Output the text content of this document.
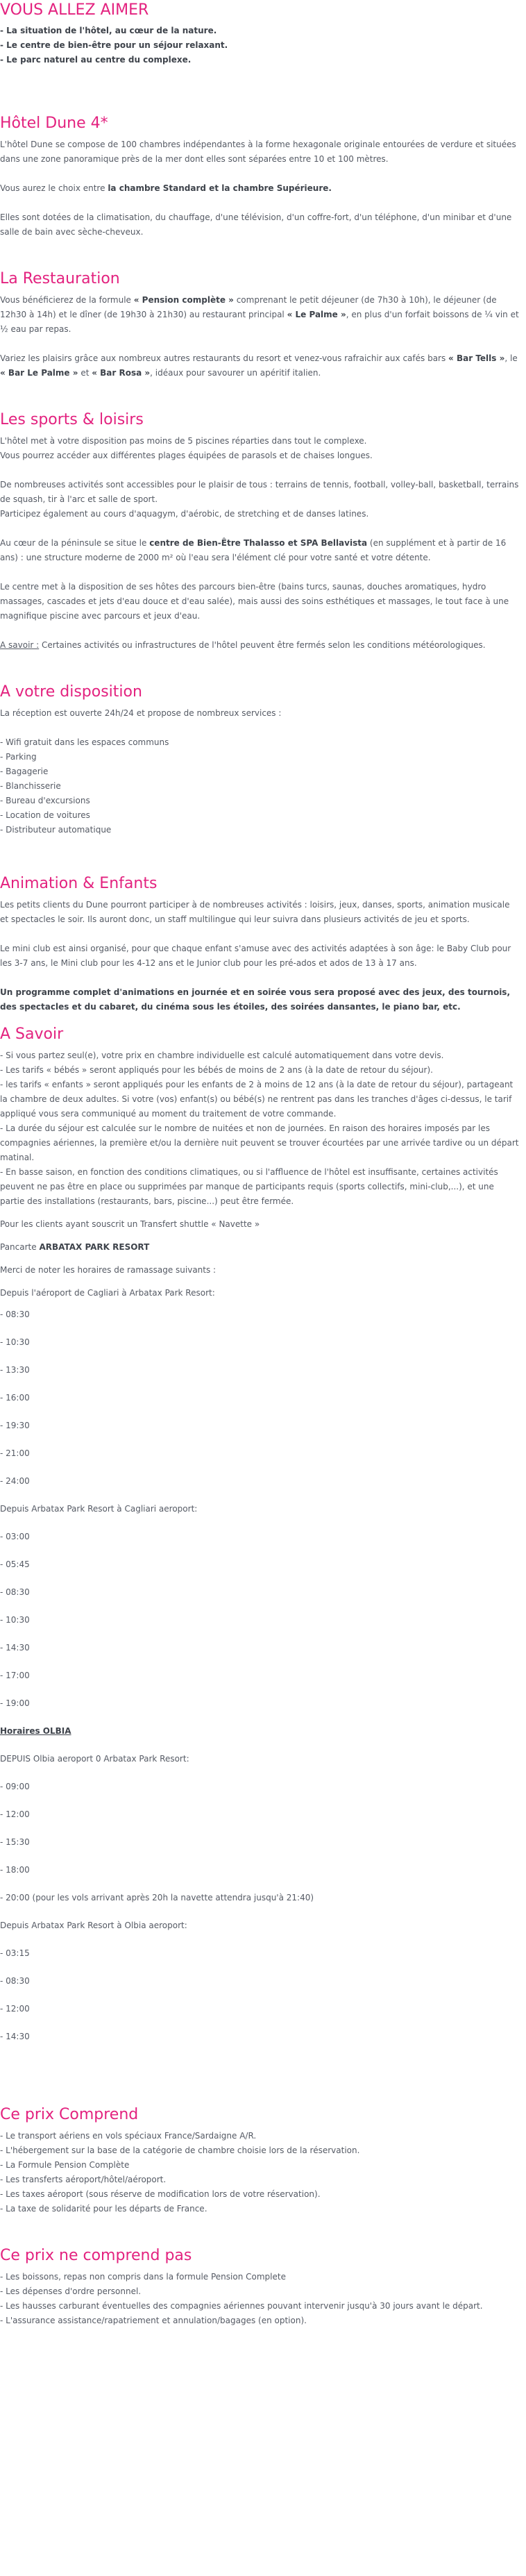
VOUS ALLEZ AIMER

- La situation de l'hôtel, au cœur de la nature.

- Le centre de bien-être pour un séjour relaxant.

- Le parc naturel au centre du complexe.

Hôtel Dune 4*

L'hôtel Dune se compose de 100 chambres indépendantes à la forme hexagonale originale entourées de verdure et situées dans une zone panoramique près de la mer dont elles sont séparées entre 10 et 100 mètres.

Vous aurez le choix entre la chambre Standard et la chambre Supérieure.

Elles sont dotées de la climatisation, du chauffage, d'une télévision, d'un coffre-fort, d'un téléphone, d'un minibar et d'une salle de bain avec sèche-cheveux.

La Restauration

Vous bénéficierez de la formule « Pension complète » comprenant le petit déjeuner (de 7h30 à 10h), le déjeuner (de 12h30 à 14h) et le dîner (de 19h30 à 21h30) au restaurant principal « Le Palme », en plus d'un forfait boissons de ¼ vin et ½ eau par repas.

Variez les plaisirs grâce aux nombreux autres restaurants du resort et venez-vous rafraichir aux cafés bars « Bar Tells », le « Bar Le Palme » et « Bar Rosa », idéaux pour savourer un apéritif italien.

Les sports & loisirs

L'hôtel met à votre disposition pas moins de 5 piscines réparties dans tout le complexe.

Vous pourrez accéder aux différentes plages équipées de parasols et de chaises longues.

De nombreuses activités sont accessibles pour le plaisir de tous : terrains de tennis, football, volley-ball, basketball, terrains de squash, tir à l'arc et salle de sport.

Participez également au cours d'aquagym, d'aérobic, de stretching et de danses latines.

Au cœur de la péninsule se situe le centre de Bien-Être Thalasso et SPA Bellavista (en supplément et à partir de 16 ans) : une structure moderne de 2000 m² où l'eau sera l'élément clé pour votre santé et votre détente.

Le centre met à la disposition de ses hôtes des parcours bien-être (bains turcs, saunas, douches aromatiques, hydro massages, cascades et jets d'eau douce et d'eau salée), mais aussi des soins esthétiques et massages, le tout face à une magnifique piscine avec parcours et jeux d'eau.

A savoir : Certaines activités ou infrastructures de l'hôtel peuvent être fermés selon les conditions météorologiques.

A votre disposition

La réception est ouverte 24h/24 et propose de nombreux services :

- Wifi gratuit dans les espaces communs

- Parking

- Bagagerie

- Blanchisserie

- Bureau d'excursions

- Location de voitures

- Distributeur automatique

Animation & Enfants

Les petits clients du Dune pourront participer à de nombreuses activités : loisirs, jeux, danses, sports, animation musicale et spectacles le soir. Ils auront donc, un staff multilingue qui leur suivra dans plusieurs activités de jeu et sports.

Le mini club est ainsi organisé, pour que chaque enfant s'amuse avec des activités adaptées à son âge: le Baby Club pour les 3-7 ans, le Mini club pour les 4-12 ans et le Junior club pour les pré-ados et ados de 13 à 17 ans.

Un programme complet d'animations en journée et en soirée vous sera proposé avec des jeux, des tournois, des spectacles et du cabaret, du cinéma sous les étoiles, des soirées dansantes, le piano bar, etc.

A Savoir

- Si vous partez seul(e), votre prix en chambre individuelle est calculé automatiquement dans votre devis.

- Les tarifs « bébés » seront appliqués pour les bébés de moins de 2 ans (à la date de retour du séjour).

- les tarifs « enfants » seront appliqués pour les enfants de 2 à moins de 12 ans (à la date de retour du séjour), partageant la chambre de deux adultes. Si votre (vos) enfant(s) ou bébé(s) ne rentrent pas dans les tranches d'âges ci-dessus, le tarif appliqué vous sera communiqué au moment du traitement de votre commande.

- La durée du séjour est calculée sur le nombre de nuitées et non de journées. En raison des horaires imposés par les compagnies aériennes, la première et/ou la dernière nuit peuvent se trouver écourtées par une arrivée tardive ou un départ matinal.

- En basse saison, en fonction des conditions climatiques, ou si l'affluence de l'hôtel est insuffisante, certaines activités peuvent ne pas être en place ou supprimées par manque de participants requis (sports collectifs, mini-club,...), et une partie des installations (restaurants, bars, piscine...) peut être fermée.

Pour les clients ayant souscrit un Transfert shuttle « Navette »

Pancarte ARBATAX PARK RESORT

Merci de noter les horaires de ramassage suivants :

Depuis l'aéroport de Cagliari à Arbatax Park Resort:

- 08:30

- 10:30

- 13:30

- 16:00

- 19:30

- 21:00

- 24:00

Depuis Arbatax Park Resort à Cagliari aeroport:

- 03:00

- 05:45

- 08:30

- 10:30

- 14:30

- 17:00

- 19:00

Horaires OLBIA

DEPUIS Olbia aeroport 0 Arbatax Park Resort:

- 09:00

- 12:00

- 15:30

- 18:00

- 20:00 (pour les vols arrivant après 20h la navette attendra jusqu'à 21:40)

Depuis Arbatax Park Resort à Olbia aeroport:

- 03:15

- 08:30

- 12:00

- 14:30

Ce prix Comprend

- Le transport aériens en vols spéciaux France/Sardaigne A/R.

- L'hébergement sur la base de la catégorie de chambre choisie lors de la réservation.

- La Formule Pension Complète

- Les transferts aéroport/hôtel/aéroport.

- Les taxes aéroport (sous réserve de modification lors de votre réservation).

- La taxe de solidarité pour les départs de France.

Ce prix ne comprend pas

- Les boissons, repas non compris dans la formule Pension Complete

- Les dépenses d'ordre personnel.

- Les hausses carburant éventuelles des compagnies aériennes pouvant intervenir jusqu'à 30 jours avant le départ.

- L'assurance assistance/rapatriement et annulation/bagages (en option).
